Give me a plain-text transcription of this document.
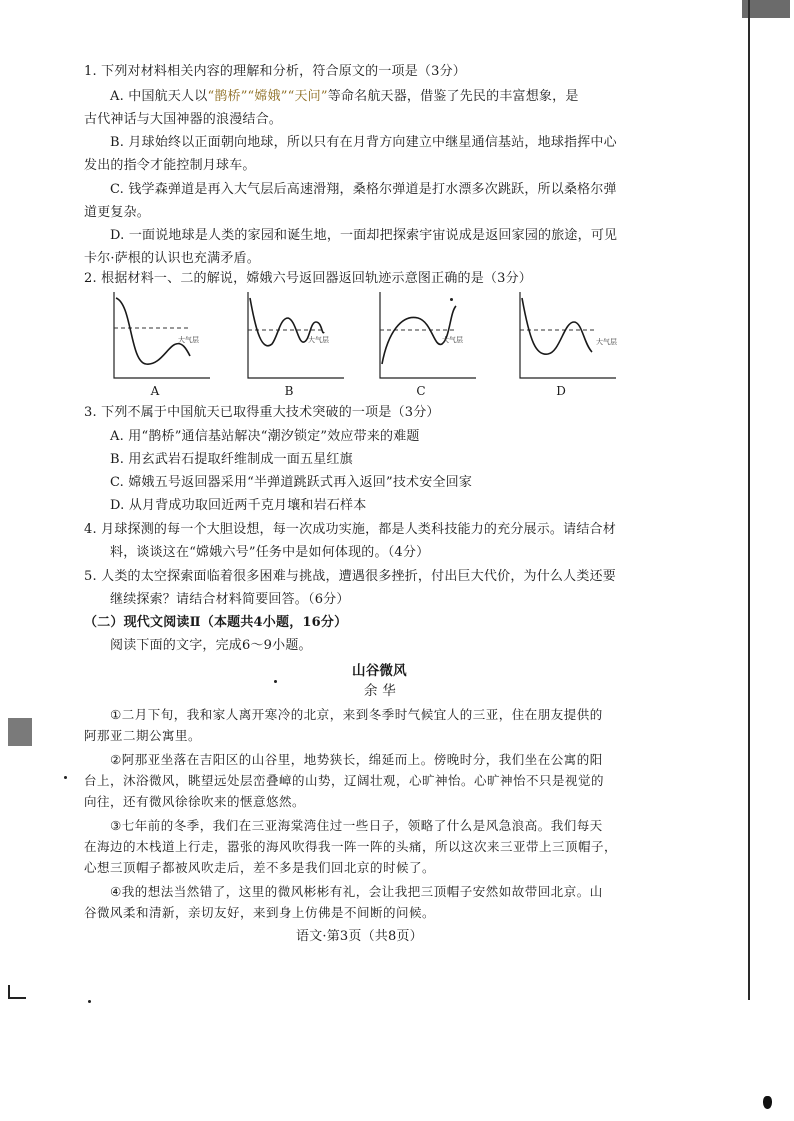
1. 下列对材料相关内容的理解和分析，符合原文的一项是（3分）
A. 中国航天人以“鹊桥”“嫦娥”“天问”等命名航天器，借鉴了先民的丰富想象，是
古代神话与大国神器的浪漫结合。
B. 月球始终以正面朝向地球，所以只有在月背方向建立中继星通信基站，地球指挥中心
发出的指令才能控制月球车。
C. 钱学森弹道是再入大气层后高速滑翔，桑格尔弹道是打水漂多次跳跃，所以桑格尔弹
道更复杂。
D. 一面说地球是人类的家园和诞生地，一面却把探索宇宙说成是返回家园的旅途，可见
卡尔·萨根的认识也充满矛盾。
2. 根据材料一、二的解说，嫦娥六号返回器返回轨迹示意图正确的是（3分）
大气层
A
大气层
B
大气层
C
大气层
D
3. 下列不属于中国航天已取得重大技术突破的一项是（3分）
A. 用“鹊桥”通信基站解决“潮汐锁定”效应带来的难题
B. 用玄武岩石提取纤维制成一面五星红旗
C. 嫦娥五号返回器采用“半弹道跳跃式再入返回”技术安全回家
D. 从月背成功取回近两千克月壤和岩石样本
4. 月球探测的每一个大胆设想，每一次成功实施，都是人类科技能力的充分展示。请结合材
料，谈谈这在“嫦娥六号”任务中是如何体现的。（4分）
5. 人类的太空探索面临着很多困难与挑战，遭遇很多挫折，付出巨大代价，为什么人类还要
继续探索？请结合材料简要回答。（6分）
（二）现代文阅读Ⅱ（本题共4小题，16分）
阅读下面的文字，完成6～9小题。
山谷微风
余 华
①二月下旬，我和家人离开寒冷的北京，来到冬季时气候宜人的三亚，住在朋友提供的
阿那亚二期公寓里。
②阿那亚坐落在吉阳区的山谷里，地势狭长，绵延而上。傍晚时分，我们坐在公寓的阳
台上，沐浴微风，眺望远处层峦叠嶂的山势，辽阔壮观，心旷神怡。心旷神怡不只是视觉的
向往，还有微风徐徐吹来的惬意悠然。
③七年前的冬季，我们在三亚海棠湾住过一些日子，领略了什么是风急浪高。我们每天
在海边的木栈道上行走，嚣张的海风吹得我一阵一阵的头痛，所以这次来三亚带上三顶帽子，
心想三顶帽子都被风吹走后，差不多是我们回北京的时候了。
④我的想法当然错了，这里的微风彬彬有礼，会让我把三顶帽子安然如故带回北京。山
谷微风柔和清新，亲切友好，来到身上仿佛是不间断的问候。
语文·第3页（共8页）
